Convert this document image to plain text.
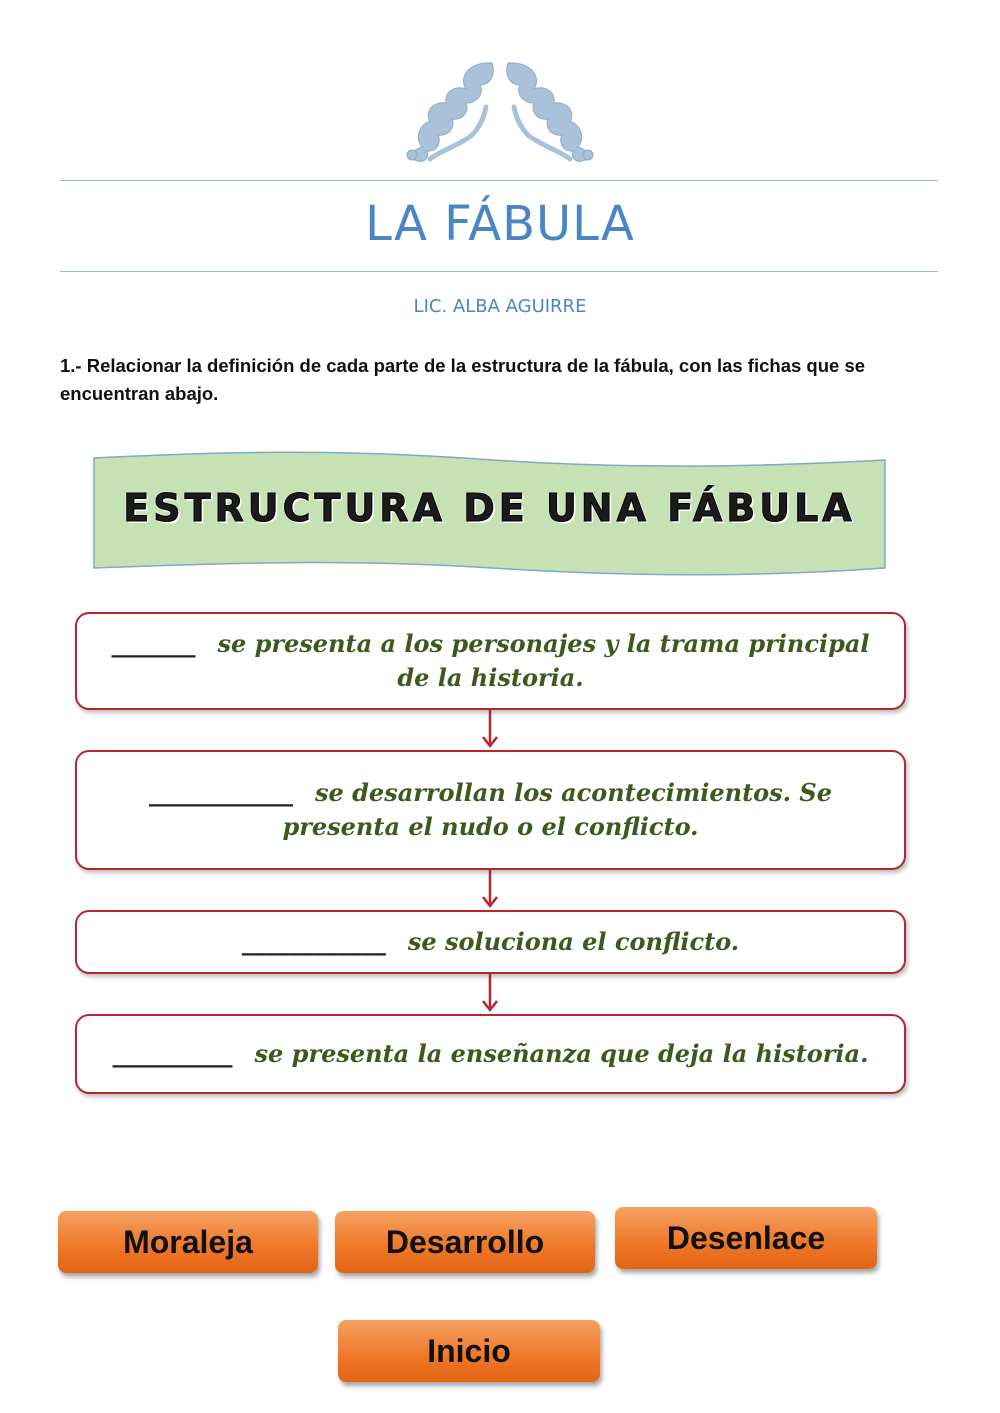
LA FÁBULA
LIC. ALBA AGUIRRE
1.- Relacionar la definición de cada parte de la estructura de la fábula, con las fichas que se encuentran abajo.
ESTRUCTURA DE UNA FÁBULA
_______ se presenta a los personajes y la trama principal de la historia.
____________ se desarrollan los acontecimientos. Se presenta el nudo o el conflicto.
____________ se soluciona el conflicto.
__________ se presenta la enseñanza que deja la historia.
Moraleja	Desarrollo	Desenlace
Inicio
